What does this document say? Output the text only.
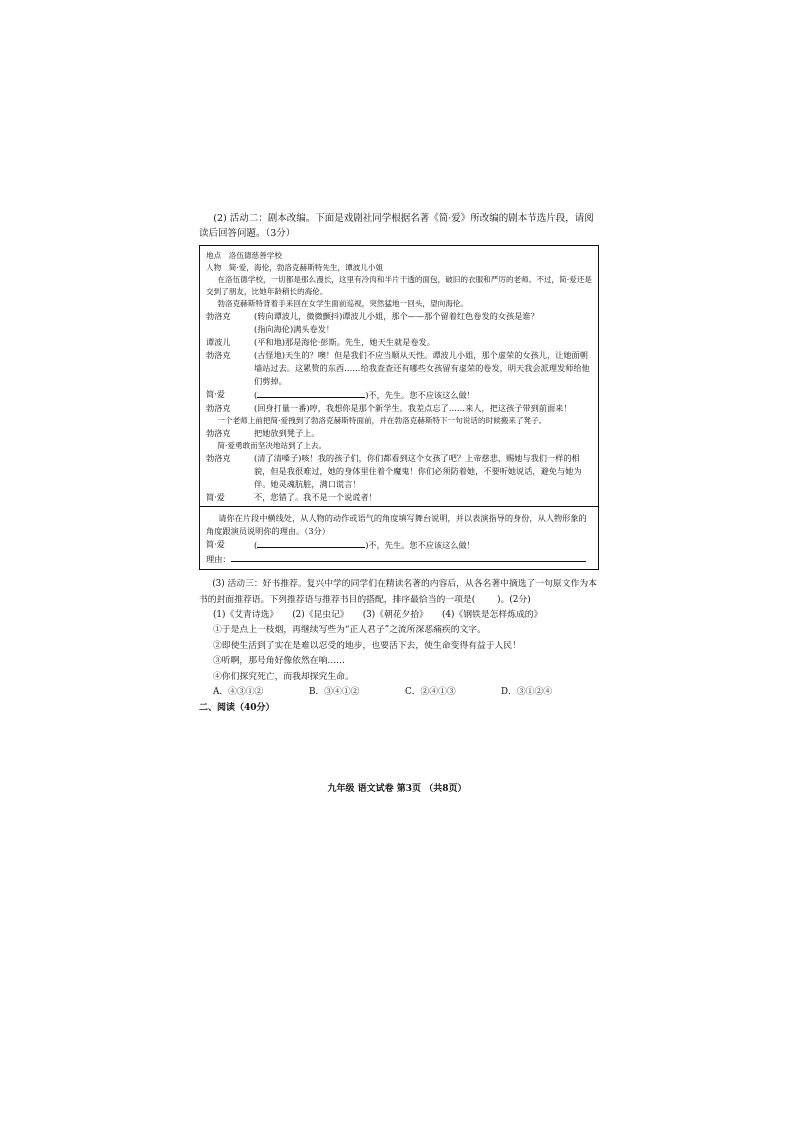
(2) 活动二：剧本改编。下面是戏剧社同学根据名著《简·爱》所改编的剧本节选片段，请阅读后回答问题。（3分）

地点　洛伍德慈善学校
人物　简·爱，海伦，勃洛克赫斯特先生，谭波儿小姐
在洛伍德学校，一切都是那么漫长，这里有冷肉和半片干透的面包，破旧的衣服和严厉的老师。不过，简·爱还是交到了朋友，比她年龄稍长的海伦。
勃洛克赫斯特背着手来回在女学生面前巡视，突然猛地一回头，望向海伦。
勃洛克	(转向谭波儿，微微颤抖)谭波儿小姐，那个——那个留着红色卷发的女孩是谁？
(指向海伦)满头卷发！
谭波儿	(平和地)那是海伦·彭斯。先生，她天生就是卷发。
勃洛克	(古怪地)天生的？噢！但是我们不应当顺从天性。谭波儿小姐，那个虚荣的女孩儿，让她面朝墙站过去。这累赘的东西……给我查查还有哪些女孩留有虚荣的卷发，明天我会派理发师给他们剪掉。
简·爱	(	)不，先生。您不应该这么做！
勃洛克	(回身打量一番)哼，我想你是那个新学生。我差点忘了……来人，把这孩子带到前面来！
一个老师上前把简·爱拽到了勃洛克赫斯特面前，并在勃洛克赫斯特下一句说话的时候搬来了凳子。
勃洛克	把她放到凳子上。
简·爱勇敢而坚决地站到了上去。
勃洛克	(清了清嗓子)咳！我的孩子们，你们都看到这个女孩了吧？上帝慈悲，赐她与我们一样的相貌，但是我很难过，她的身体里住着个魔鬼！你们必须防着她，不要听她说话，避免与她为伴。她灵魂肮脏，满口谎言！
简·爱	不，您错了。我不是一个说谎者！
请你在片段中横线处，从人物的动作或语气的角度填写舞台说明，并以表演指导的身份，从人物形象的角度跟演员说明你的理由。（3分）
简·爱	(	)不，先生。您不应该这么做！
理由：

(3) 活动三：好书推荐。复兴中学的同学们在精读名著的内容后，从各名著中摘选了一句原文作为本书的封面推荐语。下列推荐语与推荐书目的搭配，排序最恰当的一项是(	)。(2分)

(1)《艾青诗选》 (2)《昆虫记》 (3)《朝花夕拾》 (4)《钢铁是怎样炼成的》
①于是点上一枝烟，再继续写些为“正人君子”之流所深恶痛疾的文字。
②即使生活到了实在是难以忍受的地步，也要活下去，使生命变得有益于人民！
③听啊，那号角好像依然在响……
④你们探究死亡，而我却探究生命。
A．④③①②	B．③④①②	C．②④①③	D．③①②④
二、阅读（40分）
九年级 语文试卷 第3页 （共8页）
